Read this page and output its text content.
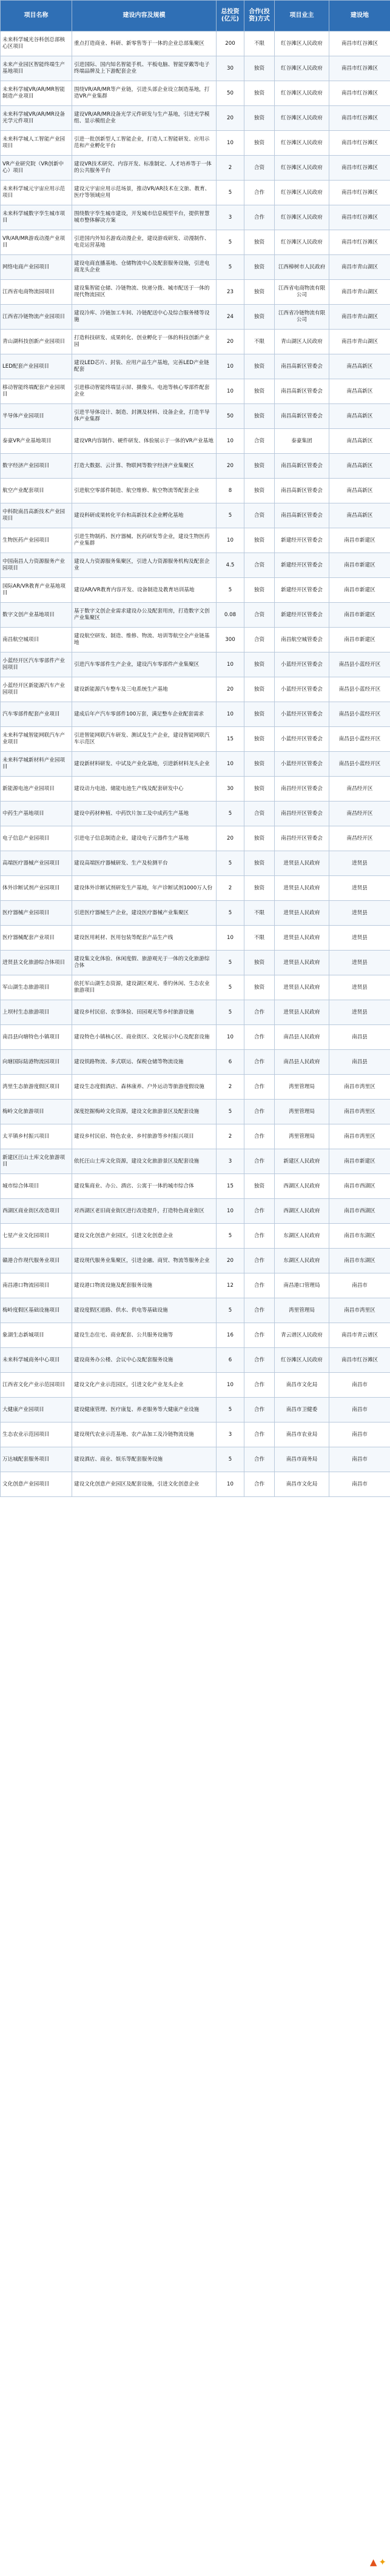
项目名称	建设内容及规模	总投资(亿元)	合作(投资)方式	项目业主	建设地
未来科学城光谷科创总部核心区项目	重点打造商业、科研、新零售等于一体的企业总部集聚区	200	不限	红谷滩区人民政府	南昌市红谷滩区
未来产业园区智能终端生产基地项目	引进国际、国内知名智能手机、平板电脑、智能穿戴等电子终端品牌及上下游配套企业	30	独资	红谷滩区人民政府	南昌市红谷滩区
未来科学城VR/AR/MR智能制造产业项目	围绕VR/AR/MR等产业链，引进头部企业设立制造基地，打造VR产业集群	50	独资	红谷滩区人民政府	南昌市红谷滩区
未来科学城VR/AR/MR设备光学元件项目	建设VR/AR/MR设备光学元件研发与生产基地，引进光学模组、显示模组企业	20	独资	红谷滩区人民政府	南昌市红谷滩区
未来科学城人工智能产业园项目	引进一批创新型人工智能企业，打造人工智能研发、应用示范和产业孵化平台	10	独资	红谷滩区人民政府	南昌市红谷滩区
VR产业研究院（VR创新中心）项目	建设VR技术研究、内容开发、标准制定、人才培养等于一体的公共服务平台	2	合资	红谷滩区人民政府	南昌市红谷滩区
未来科学城元宇宙应用示范项目	建设元宇宙应用示范场景，推动VR/AR技术在文旅、教育、医疗等领域应用	5	合作	红谷滩区人民政府	南昌市红谷滩区
未来科学城数字孪生城市项目	围绕数字孪生城市建设，开发城市信息模型平台，提供智慧城市整体解决方案	3	合作	红谷滩区人民政府	南昌市红谷滩区
VR/AR/MR游戏动漫产业项目	引进国内外知名游戏动漫企业，建设游戏研发、动漫制作、电竞运营基地	5	独资	红谷滩区人民政府	南昌市红谷滩区
网络电商产业园项目	建设电商直播基地、仓储物流中心及配套服务设施，引进电商龙头企业	5	独资	江西樟树市人民政府	南昌市青山湖区
江西省电商物流园项目	建设集智能仓储、冷链物流、快递分拨、城市配送于一体的现代物流园区	23	独资	江西省电商物流有限公司	南昌市青山湖区
江西省冷链物流产业园项目	建设冷库、冷链加工车间、冷链配送中心及综合服务楼等设施	24	独资	江西省冷链物流有限公司	南昌市青山湖区
青山湖科技创新产业园项目	打造科技研发、成果转化、创业孵化于一体的科技创新产业园	20	不限	青山湖区人民政府	南昌市青山湖区
LED配套产业园项目	建设LED芯片、封装、应用产品生产基地，完善LED产业链配套	10	独资	南昌高新区管委会	南昌高新区
移动智能终端配套产业园项目	引进移动智能终端显示屏、摄像头、电池等核心零部件配套企业	10	独资	南昌高新区管委会	南昌高新区
半导体产业园项目	引进半导体设计、制造、封测及材料、设备企业，打造半导体产业集群	50	独资	南昌高新区管委会	南昌高新区
泰豪VR产业基地项目	建设VR内容制作、硬件研发、体验展示于一体的VR产业基地	10	合资	泰豪集团	南昌高新区
数字经济产业园项目	打造大数据、云计算、物联网等数字经济产业集聚区	20	独资	南昌高新区管委会	南昌高新区
航空产业配套项目	引进航空零部件制造、航空维修、航空物流等配套企业	8	独资	南昌高新区管委会	南昌高新区
中科院南昌高新技术产业园项目	建设科研成果转化平台和高新技术企业孵化基地	5	合资	南昌高新区管委会	南昌高新区
生物医药产业园项目	引进生物制药、医疗器械、医药研发等企业，建设生物医药产业集群	10	独资	新建经开区管委会	南昌市新建区
中国南昌人力资源服务产业园项目	建设人力资源服务集聚区，引进人力资源服务机构及配套企业	4.5	合资	新建经开区管委会	南昌市新建区
国际AR/VR教育产业基地项目	建设AR/VR教育内容开发、设备制造及教育培训基地	5	独资	新建经开区管委会	南昌市新建区
数字文创产业基地项目	基于数字文创企业需求建设办公及配套用房，打造数字文创产业集聚区	0.08	合资	新建经开区管委会	南昌市新建区
南昌航空城项目	建设航空研发、制造、维修、物流、培训等航空全产业链基地	300	合资	南昌航空城管委会	南昌市新建区
小蓝经开区汽车零部件产业园项目	引进汽车零部件生产企业，建设汽车零部件产业集聚区	10	独资	小蓝经开区管委会	南昌县小蓝经开区
小蓝经开区新能源汽车产业园项目	建设新能源汽车整车及三电系统生产基地	20	独资	小蓝经开区管委会	南昌县小蓝经开区
汽车零部件配套产业项目	建成后年产汽车零部件100万套，满足整车企业配套需求	10	独资	小蓝经开区管委会	南昌县小蓝经开区
未来科学城智能网联汽车产业项目	引进智能网联汽车研发、测试及生产企业，建设智能网联汽车示范区	15	独资	小蓝经开区管委会	南昌县小蓝经开区
未来科学城新材料产业园项目	建设新材料研发、中试及产业化基地，引进新材料龙头企业	10	独资	小蓝经开区管委会	南昌县小蓝经开区
新能源电池产业园项目	建设动力电池、储能电池生产线及配套研发中心	30	独资	南昌经开区管委会	南昌经开区
中药生产基地项目	建设中药材种植、中药饮片加工及中成药生产基地	5	合资	南昌经开区管委会	南昌经开区
电子信息产业园项目	引进电子信息制造企业，建设电子元器件生产基地	20	独资	南昌经开区管委会	南昌经开区
高端医疗器械产业园项目	建设高端医疗器械研发、生产及检测平台	5	独资	进贤县人民政府	进贤县
体外诊断试剂产业园项目	建设体外诊断试剂研发生产基地，年产诊断试剂1000万人份	2	独资	进贤县人民政府	进贤县
医疗器械产业园项目	引进医疗器械生产企业，建设医疗器械产业集聚区	5	不限	进贤县人民政府	进贤县
医疗器械配套产业项目	建设医用耗材、医用包装等配套产品生产线	10	不限	进贤县人民政府	进贤县
进贤县文化旅游综合体项目	建设集文化体验、休闲度假、旅游观光于一体的文化旅游综合体	5	独资	进贤县人民政府	进贤县
军山湖生态旅游项目	依托军山湖生态资源，建设湖区观光、垂钓休闲、生态农业旅游项目	5	独资	进贤县人民政府	进贤县
上坝村生态旅游项目	建设乡村民宿、农事体验、田园观光等乡村旅游设施	5	合作	进贤县人民政府	进贤县
南昌县向塘特色小镇项目	建设特色小镇核心区、商业街区、文化展示中心及配套设施	10	合作	南昌县人民政府	南昌县
向塘国际陆港物流园项目	建设铁路物流、多式联运、保税仓储等物流设施	6	合作	南昌县人民政府	南昌县
湾里生态旅游度假区项目	建设生态度假酒店、森林康养、户外运动等旅游度假设施	2	合作	湾里管理局	南昌市湾里区
梅岭文化旅游项目	深度挖掘梅岭文化资源，建设文化旅游景区及配套设施	5	合作	湾里管理局	南昌市湾里区
太平镇乡村振兴项目	建设乡村民宿、特色农业、乡村旅游等乡村振兴项目	2	合作	湾里管理局	南昌市湾里区
新建区汪山土库文化旅游项目	依托汪山土库文化资源，建设文化旅游景区及配套设施	3	合作	新建区人民政府	南昌市新建区
城市综合体项目	建设集商业、办公、酒店、公寓于一体的城市综合体	15	独资	西湖区人民政府	南昌市西湖区
西湖区商业街区改造项目	对西湖区老旧商业街区进行改造提升，打造特色商业街区	10	合作	西湖区人民政府	南昌市西湖区
七星产业文化园项目	建设文化创意产业园区，引进文化创意企业	5	合作	东湖区人民政府	南昌市东湖区
赣港合作现代服务业项目	建设现代服务业集聚区，引进金融、商贸、物流等服务企业	20	合作	东湖区人民政府	南昌市东湖区
南昌港口物流园项目	建设港口物流设施及配套服务设施	12	合作	南昌港口管理局	南昌市
梅岭度假区基础设施项目	建设度假区道路、供水、供电等基础设施	5	合作	湾里管理局	南昌市湾里区
象湖生态新城项目	建设生态住宅、商业配套、公共服务设施等	16	合作	青云谱区人民政府	南昌市青云谱区
未来科学城商务中心项目	建设商务办公楼、会议中心及配套服务设施	6	合作	红谷滩区人民政府	南昌市红谷滩区
江西省文化产业示范园项目	建设文化产业示范园区，引进文化产业龙头企业	10	合作	南昌市文化局	南昌市
大健康产业园项目	建设健康管理、医疗康复、养老服务等大健康产业设施	5	合作	南昌市卫健委	南昌市
生态农业示范园项目	建设现代农业示范基地、农产品加工及冷链物流设施	3	合作	南昌市农业局	南昌市
万达城配套服务项目	建设酒店、商业、娱乐等配套服务设施	5	合作	南昌市商务局	南昌市
文化创意产业园项目	建设文化创意产业园区及配套设施，引进文化创意企业	10	合作	南昌市文化局	南昌市
▲ ✦
